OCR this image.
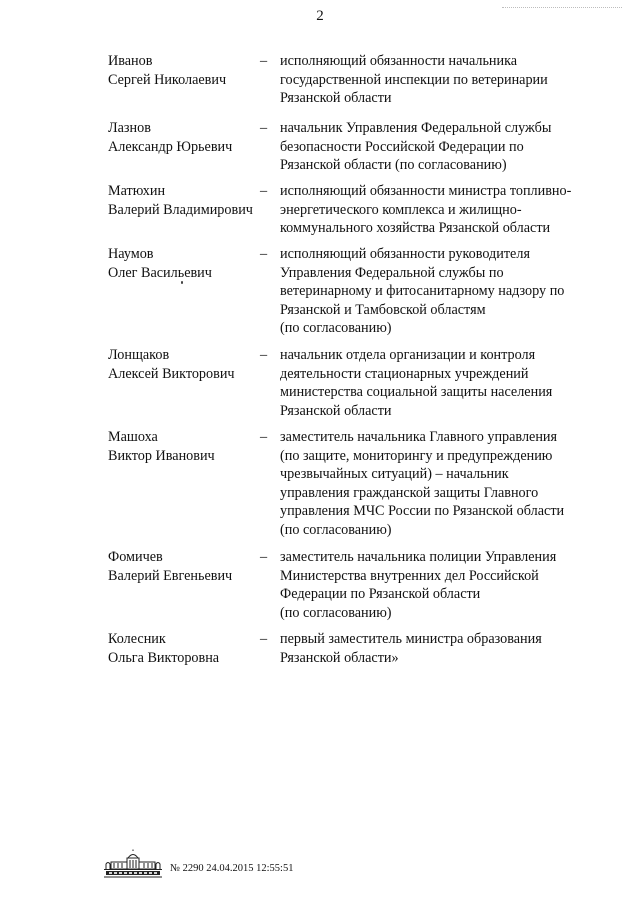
2
Иванов
Сергей Николаевич
– исполняющий обязанности начальника
государственной инспекции по ветеринарии
Рязанской области
Лазнов
Александр Юрьевич
– начальник Управления Федеральной службы
безопасности Российской Федерации по
Рязанской области (по согласованию)
Матюхин
Валерий Владимирович
– исполняющий обязанности министра топливно-
энергетического комплекса и жилищно-
коммунального хозяйства Рязанской области
Наумов
Олег Васильевич
– исполняющий обязанности руководителя
Управления Федеральной службы по
ветеринарному и фитосанитарному надзору по
Рязанской и Тамбовской областям
(по согласованию)
Лонщаков
Алексей Викторович
– начальник отдела организации и контроля
деятельности стационарных учреждений
министерства социальной защиты населения
Рязанской области
Машоха
Виктор Иванович
– заместитель начальника Главного управления
(по защите, мониторингу и предупреждению
чрезвычайных ситуаций) – начальник
управления гражданской защиты Главного
управления МЧС России по Рязанской области
(по согласованию)
Фомичев
Валерий Евгеньевич
– заместитель начальника полиции Управления
Министерства внутренних дел Российской
Федерации по Рязанской области
(по согласованию)
Колесник
Ольга Викторовна
– первый заместитель министра образования
Рязанской области»
№ 2290 24.04.2015 12:55:51
